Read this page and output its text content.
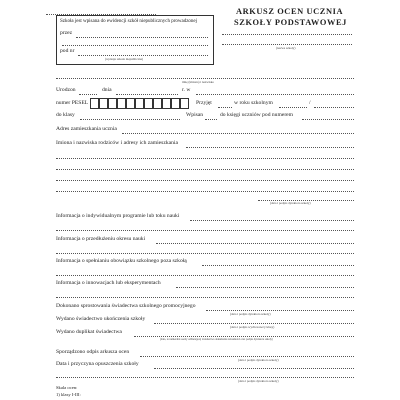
ARKUSZ OCEN UCZNIA
SZKOŁY PODSTAWOWEJ
(nazwa szkoły)
Szkoła jest wpisana do ewidencji szkół niepublicznych prowadzonej
przez
pod nr
(wpisuje szkoła niepubliczna)
imię (imiona) i nazwisko
Urodzon	dnia	r. w
numer PESEL	Przyjęt	w roku szkolnym	/
do klasy	Wpisan	do księgi uczniów pod numerem
Adres zamieszkania ucznia
Imiona i nazwiska rodziców i adresy ich zamieszkania
(data i podpis dyrektora szkoły)
Informacja o indywidualnym programie lub toku nauki
Informacja o przedłużeniu okresu nauki
Informacja o spełnianiu obowiązku szkolnego poza szkołą
Informacja o innowacjach lub eksperymentach
Dokonano sprostowania świadectwa szkolnego promocyjnego
(data i podpis dyrektora szkoły)
Wydano świadectwo ukończenia szkoły
(data i podpis wychowawcy klasy)
Wydano duplikat świadectwa
(data, to numeralni osoby odbierającej świadectwo dokumentu tożsamości oraz podpis dyrektora szkoły)
Sporządzono odpis arkusza ocen
(data i podpis dyrektora szkoły)
Data i przyczyna opuszczenia szkoły
(data i podpis dyrektora szkoły)
Skala ocen:
1) klasy I-III:
